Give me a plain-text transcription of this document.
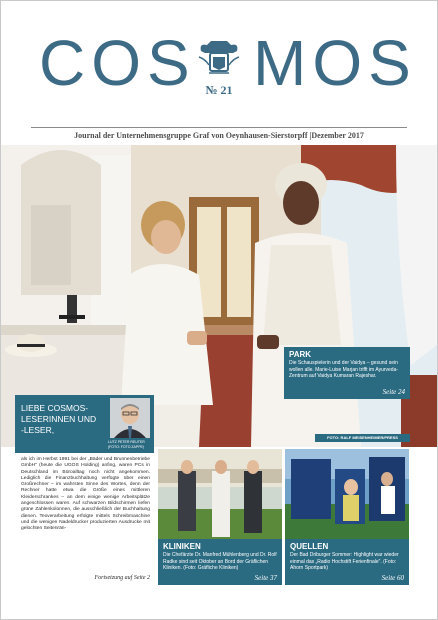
COS MOS
№ 21
Journal der Unternehmensgruppe Graf von Oeynhausen-Sierstorpff |Dezember 2017
PARK
Die Schauspielerin und der Vaidya – gesund sein wollen alle. Marie-Luise Marjan trifft im Ayurveda-Zentrum auf Vaidya Kumaran Rajeshar.
Seite 24
FOTO: RALF MEISENHEIMER/PRESS
LIEBE COSMOS-LESERINNEN UND -LESER,
LUTZ PETER REUTER (FOTO: FOTO ZAPPE)
als ich im Herbst 1991 bei der „Bäder und Brunnenbetriebe GmbH“ (heute die UGOS Holding) anfing, waren PCs in Deutschland im Büroalltag noch nicht angekommen. Lediglich die Finanzbuchhaltung verfügte über einen Großrechner – im wahrsten Sinne des Wortes, denn der Rechner hatte etwa die Größe eines mittleren Kleiderschrankes – an dem einige wenige Arbeitsplätze angeschlossen waren. Auf schwarzen Bildschirmen liefen grüne Zahlenkolonnen, die ausschließlich der Buchhaltung dienen. Texverarbeitung erfolgte mittels Schreibmaschine und die wenigen Nadeldrucker produzierten Ausdrucke mit gelochten Seitenrän-
Fortsetzung auf Seite 2
KLINIKEN
Die Chefärzte Dr. Manfred Mühlenberg und Dr. Rolf Radke sind seit Oktober an Bord der Gräflichen Kliniken. (Foto: Gräfliche Kliniken)
Seite 37
QUELLEN
Der Bad Driburger Sommer: Highlight war wieder einmal das „Radio Hochstift Ferienfinale“. (Foto: Ahorn Sportpark)
Seite 60
